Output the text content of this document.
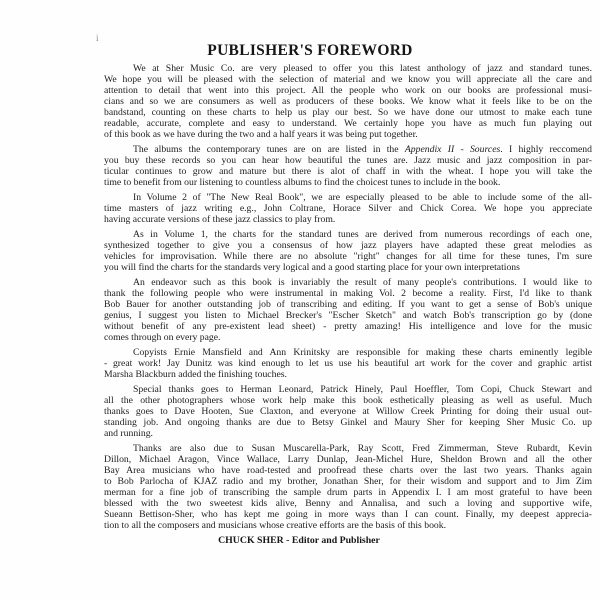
i
PUBLISHER'S FOREWORD
We at Sher Music Co. are very pleased to offer you this latest anthology of jazz and standard tunes.
We hope you will be pleased with the selection of material and we know you will appreciate all the care and
attention to detail that went into this project. All the people who work on our books are professional musi-
cians and so we are consumers as well as producers of these books. We know what it feels like to be on the
bandstand, counting on these charts to help us play our best. So we have done our utmost to make each tune
readable, accurate, complete and easy to understand. We certainly hope you have as much fun playing out
of this book as we have during the two and a half years it was being put together.
The albums the contemporary tunes are on are listed in the Appendix II - Sources. I highly reccomend
you buy these records so you can hear how beautiful the tunes are. Jazz music and jazz composition in par-
ticular continues to grow and mature but there is alot of chaff in with the wheat. I hope you will take the
time to benefit from our listening to countless albums to find the choicest tunes to include in the book.
In Volume 2 of "The New Real Book", we are especially pleased to be able to include some of the all-
time masters of jazz writing e.g., John Coltrane, Horace Silver and Chick Corea. We hope you appreciate
having accurate versions of these jazz classics to play from.
As in Volume 1, the charts for the standard tunes are derived from numerous recordings of each one,
synthesized together to give you a consensus of how jazz players have adapted these great melodies as
vehicles for improvisation. While there are no absolute "right" changes for all time for these tunes, I'm sure
you will find the charts for the standards very logical and a good starting place for your own interpretations
An endeavor such as this book is invariably the result of many people's contributions. I would like to
thank the following people who were instrumental in making Vol. 2 become a reality. First, I'd like to thank
Bob Bauer for another outstanding job of transcribing and editing. If you want to get a sense of Bob's unique
genius, I suggest you listen to Michael Brecker's "Escher Sketch" and watch Bob's transcription go by (done
without benefit of any pre-existent lead sheet) - pretty amazing! His intelligence and love for the music
comes through on every page.
Copyists Ernie Mansfield and Ann Krinitsky are responsible for making these charts eminently legible
- great work! Jay Dunitz was kind enough to let us use his beautiful art work for the cover and graphic artist
Marsha Blackburn added the finishing touches.
Special thanks goes to Herman Leonard, Patrick Hinely, Paul Hoeffler, Tom Copi, Chuck Stewart and
all the other photographers whose work help make this book esthetically pleasing as well as useful. Much
thanks goes to Dave Hooten, Sue Claxton, and everyone at Willow Creek Printing for doing their usual out-
standing job. And ongoing thanks are due to Betsy Ginkel and Maury Sher for keeping Sher Music Co. up
and running.
Thanks are also due to Susan Muscarella-Park, Ray Scott, Fred Zimmerman, Steve Rubardt, Kevin
Dillon, Michael Aragon, Vince Wallace, Larry Dunlap, Jean-Michel Hure, Sheldon Brown and all the other
Bay Area musicians who have road-tested and proofread these charts over the last two years. Thanks again
to Bob Parlocha of KJAZ radio and my brother, Jonathan Sher, for their wisdom and support and to Jim Zim
merman for a fine job of transcribing the sample drum parts in Appendix I. I am most grateful to have been
blessed with the two sweetest kids alive, Benny and Annalisa, and such a loving and supportive wife,
Sueann Bettison-Sher, who has kept me going in more ways than I can count. Finally, my deepest apprecia-
tion to all the composers and musicians whose creative efforts are the basis of this book.
CHUCK SHER - Editor and Publisher
